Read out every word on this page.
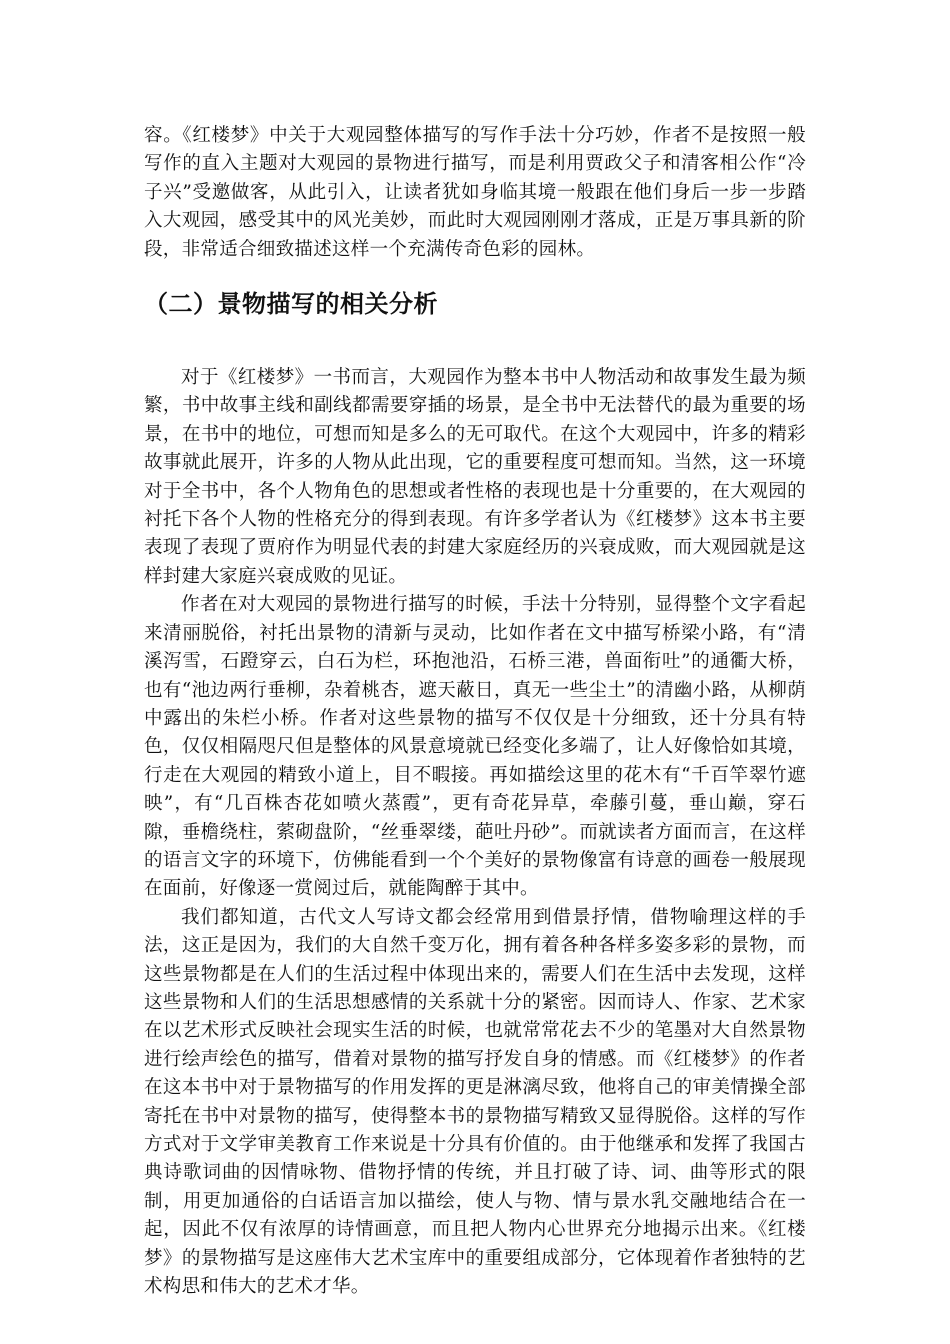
容。《红楼梦》中关于大观园整体描写的写作手法十分巧妙，作者不是按照一般写作的直入主题对大观园的景物进行描写，而是利用贾政父子和清客相公作“冷子兴”受邀做客，从此引入，让读者犹如身临其境一般跟在他们身后一步一步踏入大观园，感受其中的风光美妙，而此时大观园刚刚才落成，正是万事具新的阶段，非常适合细致描述这样一个充满传奇色彩的园林。

（二）景物描写的相关分析

对于《红楼梦》一书而言，大观园作为整本书中人物活动和故事发生最为频繁，书中故事主线和副线都需要穿插的场景，是全书中无法替代的最为重要的场景，在书中的地位，可想而知是多么的无可取代。在这个大观园中，许多的精彩故事就此展开，许多的人物从此出现，它的重要程度可想而知。当然，这一环境对于全书中，各个人物角色的思想或者性格的表现也是十分重要的，在大观园的衬托下各个人物的性格充分的得到表现。有许多学者认为《红楼梦》这本书主要表现了表现了贾府作为明显代表的封建大家庭经历的兴衰成败，而大观园就是这样封建大家庭兴衰成败的见证。

作者在对大观园的景物进行描写的时候，手法十分特别，显得整个文字看起来清丽脱俗，衬托出景物的清新与灵动，比如作者在文中描写桥梁小路，有“清溪泻雪，石蹬穿云，白石为栏，环抱池沿，石桥三港，兽面衔吐”的通衢大桥，也有“池边两行垂柳，杂着桃杏，遮天蔽日，真无一些尘土”的清幽小路，从柳荫中露出的朱栏小桥。作者对这些景物的描写不仅仅是十分细致，还十分具有特色，仅仅相隔咫尺但是整体的风景意境就已经变化多端了，让人好像恰如其境，行走在大观园的精致小道上，目不暇接。再如描绘这里的花木有“千百竿翠竹遮映”，有“几百株杏花如喷火蒸霞”，更有奇花异草，牵藤引蔓，垂山巅，穿石隙，垂檐绕柱，萦砌盘阶，“丝垂翠缕，葩吐丹砂”。而就读者方面而言，在这样的语言文字的环境下，仿佛能看到一个个美好的景物像富有诗意的画卷一般展现在面前，好像逐一赏阅过后，就能陶醉于其中。

我们都知道，古代文人写诗文都会经常用到借景抒情，借物喻理这样的手法，这正是因为，我们的大自然千变万化，拥有着各种各样多姿多彩的景物，而这些景物都是在人们的生活过程中体现出来的，需要人们在生活中去发现，这样这些景物和人们的生活思想感情的关系就十分的紧密。因而诗人、作家、艺术家在以艺术形式反映社会现实生活的时候，也就常常花去不少的笔墨对大自然景物进行绘声绘色的描写，借着对景物的描写抒发自身的情感。而《红楼梦》的作者在这本书中对于景物描写的作用发挥的更是淋漓尽致，他将自己的审美情操全部寄托在书中对景物的描写，使得整本书的景物描写精致又显得脱俗。这样的写作方式对于文学审美教育工作来说是十分具有价值的。由于他继承和发挥了我国古典诗歌词曲的因情咏物、借物抒情的传统，并且打破了诗、词、曲等形式的限制，用更加通俗的白话语言加以描绘，使人与物、情与景水乳交融地结合在一起，因此不仅有浓厚的诗情画意，而且把人物内心世界充分地揭示出来。《红楼梦》的景物描写是这座伟大艺术宝库中的重要组成部分，它体现着作者独特的艺术构思和伟大的艺术才华。
